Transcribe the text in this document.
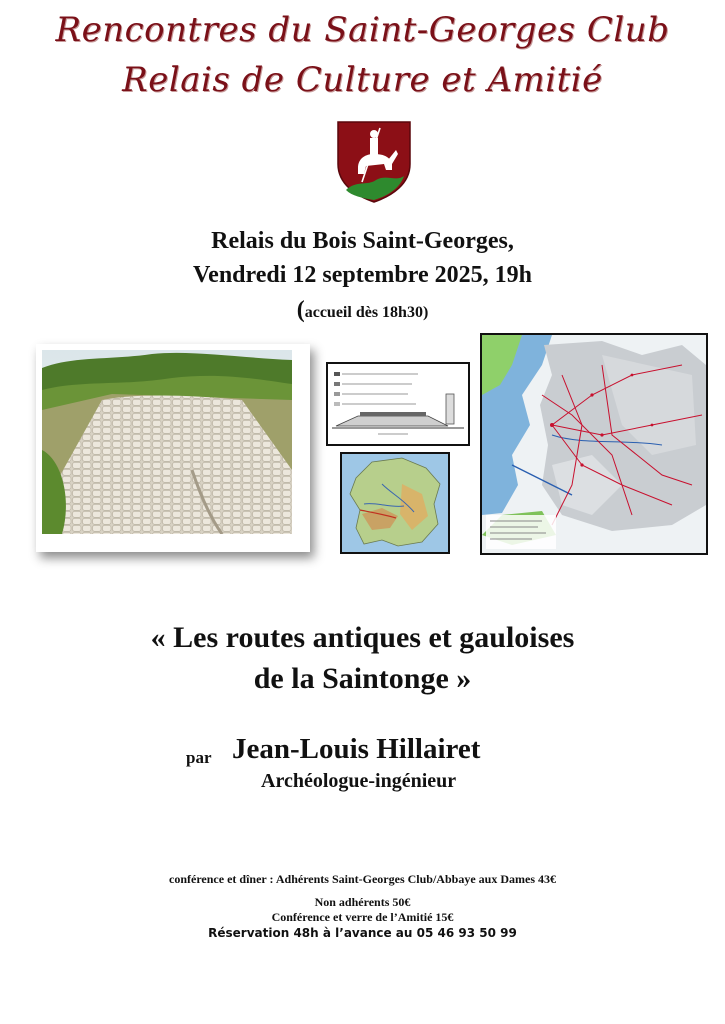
Rencontres du Saint-Georges Club
Relais de Culture et Amitié
Relais du Bois Saint-Georges,
Vendredi 12 septembre 2025, 19h
(accueil dès 18h30)
« Les routes antiques et gauloises
de la Saintonge »
par Jean-Louis Hillairet
Archéologue-ingénieur
conférence et dîner : Adhérents Saint-Georges Club/Abbaye aux Dames 43€
Non adhérents 50€
Conférence et verre de l’Amitié 15€
Réservation 48h à l’avance au 05 46 93 50 99
